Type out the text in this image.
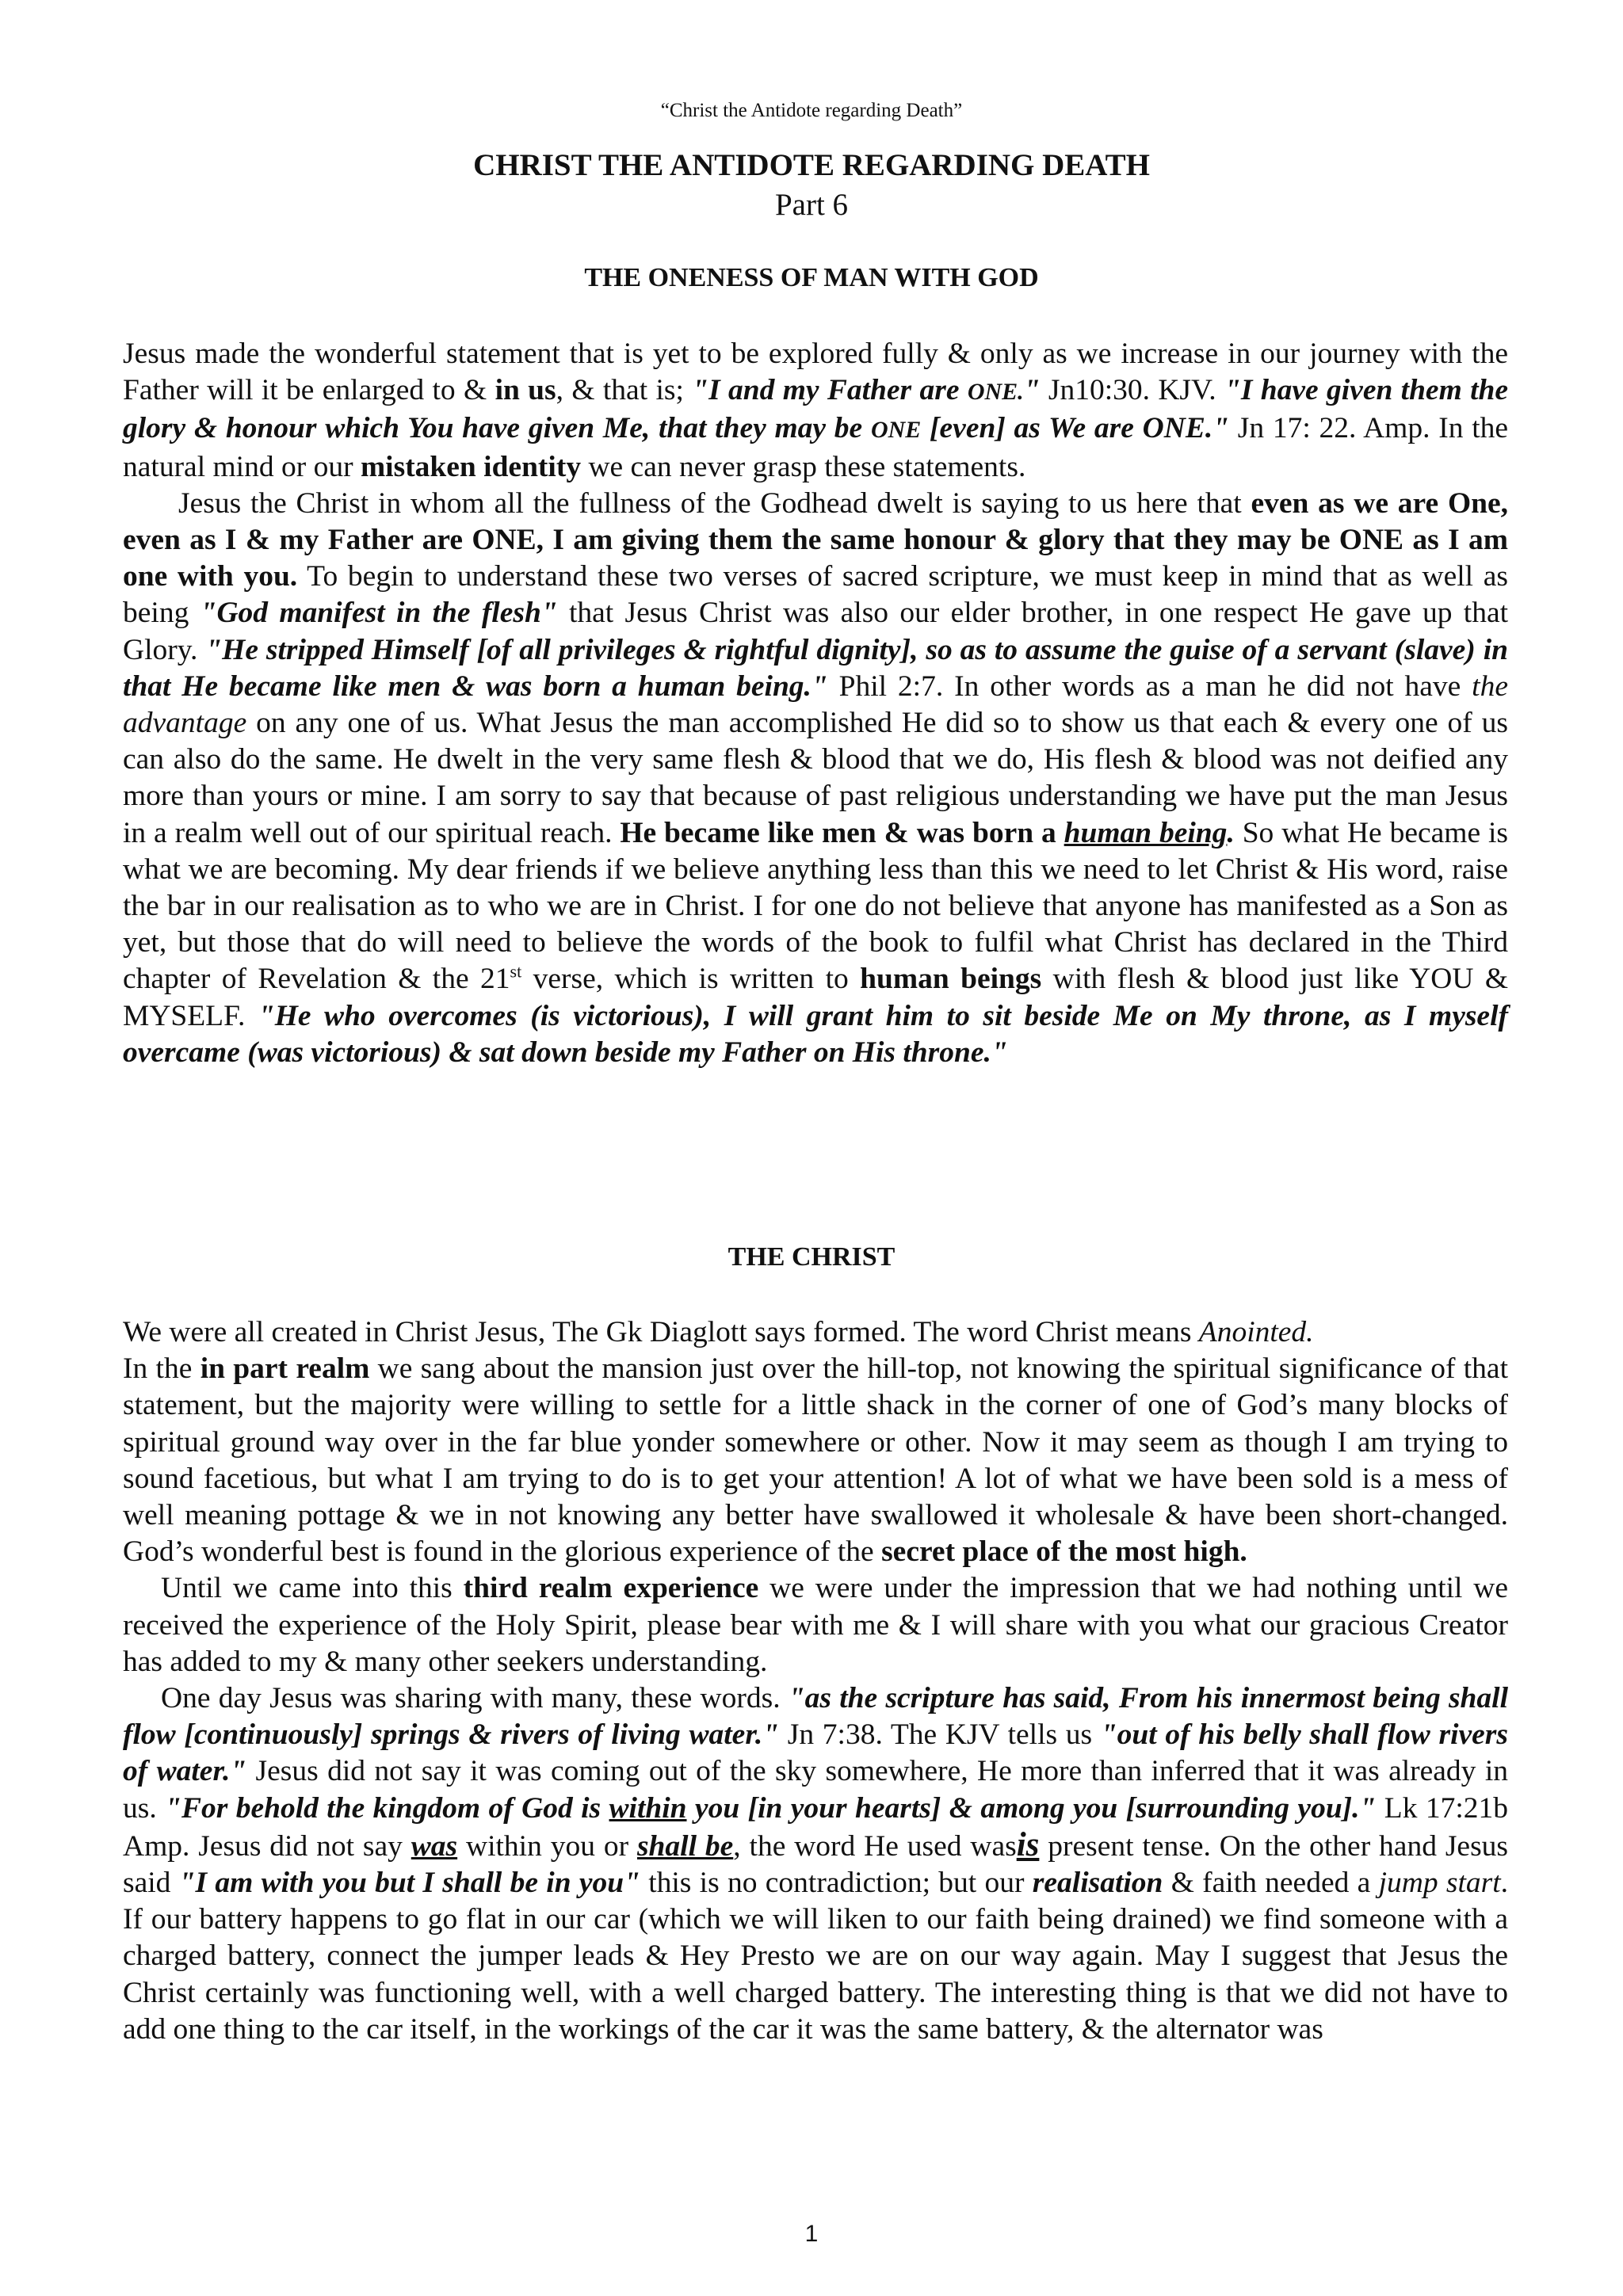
“Christ the Antidote regarding Death”
CHRIST THE ANTIDOTE REGARDING DEATH
Part 6
THE ONENESS OF MAN WITH GOD

Jesus made the wonderful statement that is yet to be explored fully & only as we increase in our journey with the Father will it be enlarged to & in us, & that is; "I and my Father are ONE." Jn10:30. KJV. "I have given them the glory & honour which You have given Me, that they may be ONE [even] as We are ONE." Jn 17: 22. Amp. In the natural mind or our mistaken identity we can never grasp these statements.

Jesus the Christ in whom all the fullness of the Godhead dwelt is saying to us here that even as we are One, even as I & my Father are ONE, I am giving them the same honour & glory that they may be ONE as I am one with you. To begin to understand these two verses of sacred scripture, we must keep in mind that as well as being "God manifest in the flesh" that Jesus Christ was also our elder brother, in one respect He gave up that Glory. "He stripped Himself [of all privileges & rightful dignity], so as to assume the guise of a servant (slave) in that He became like men & was born a human being." Phil 2:7. In other words as a man he did not have the advantage on any one of us. What Jesus the man accomplished He did so to show us that each & every one of us can also do the same. He dwelt in the very same flesh & blood that we do, His flesh & blood was not deified any more than yours or mine. I am sorry to say that because of past religious understanding we have put the man Jesus in a realm well out of our spiritual reach. He became like men & was born a human being. So what He became is what we are becoming. My dear friends if we believe anything less than this we need to let Christ & His word, raise the bar in our realisation as to who we are in Christ. I for one do not believe that anyone has manifested as a Son as yet, but those that do will need to believe the words of the book to fulfil what Christ has declared in the Third chapter of Revelation & the 21st verse, which is written to human beings with flesh & blood just like YOU & MYSELF. "He who overcomes (is victorious), I will grant him to sit beside Me on My throne, as I myself overcame (was victorious) & sat down beside my Father on His throne."

THE CHRIST

We were all created in Christ Jesus, The Gk Diaglott says formed. The word Christ means Anointed.

In the in part realm we sang about the mansion just over the hill-top, not knowing the spiritual significance of that statement, but the majority were willing to settle for a little shack in the corner of one of God’s many blocks of spiritual ground way over in the far blue yonder somewhere or other. Now it may seem as though I am trying to sound facetious, but what I am trying to do is to get your attention! A lot of what we have been sold is a mess of well meaning pottage & we in not knowing any better have swallowed it wholesale & have been short-changed. God’s wonderful best is found in the glorious experience of the secret place of the most high.

Until we came into this third realm experience we were under the impression that we had nothing until we received the experience of the Holy Spirit, please bear with me & I will share with you what our gracious Creator has added to my & many other seekers understanding.

One day Jesus was sharing with many, these words. "as the scripture has said, From his innermost being shall flow [continuously] springs & rivers of living water." Jn 7:38. The KJV tells us "out of his belly shall flow rivers of water." Jesus did not say it was coming out of the sky somewhere, He more than inferred that it was already in us. "For behold the kingdom of God is within you [in your hearts] & among you [surrounding you]." Lk 17:21b Amp. Jesus did not say was within you or shall be, the word He used wasis present tense. On the other hand Jesus said "I am with you but I shall be in you" this is no contradiction; but our realisation & faith needed a jump start. If our battery happens to go flat in our car (which we will liken to our faith being drained) we find someone with a charged battery, connect the jumper leads & Hey Presto we are on our way again. May I suggest that Jesus the Christ certainly was functioning well, with a well charged battery. The interesting thing is that we did not have to add one thing to the car itself, in the workings of the car it was the same battery, & the alternator was

1
